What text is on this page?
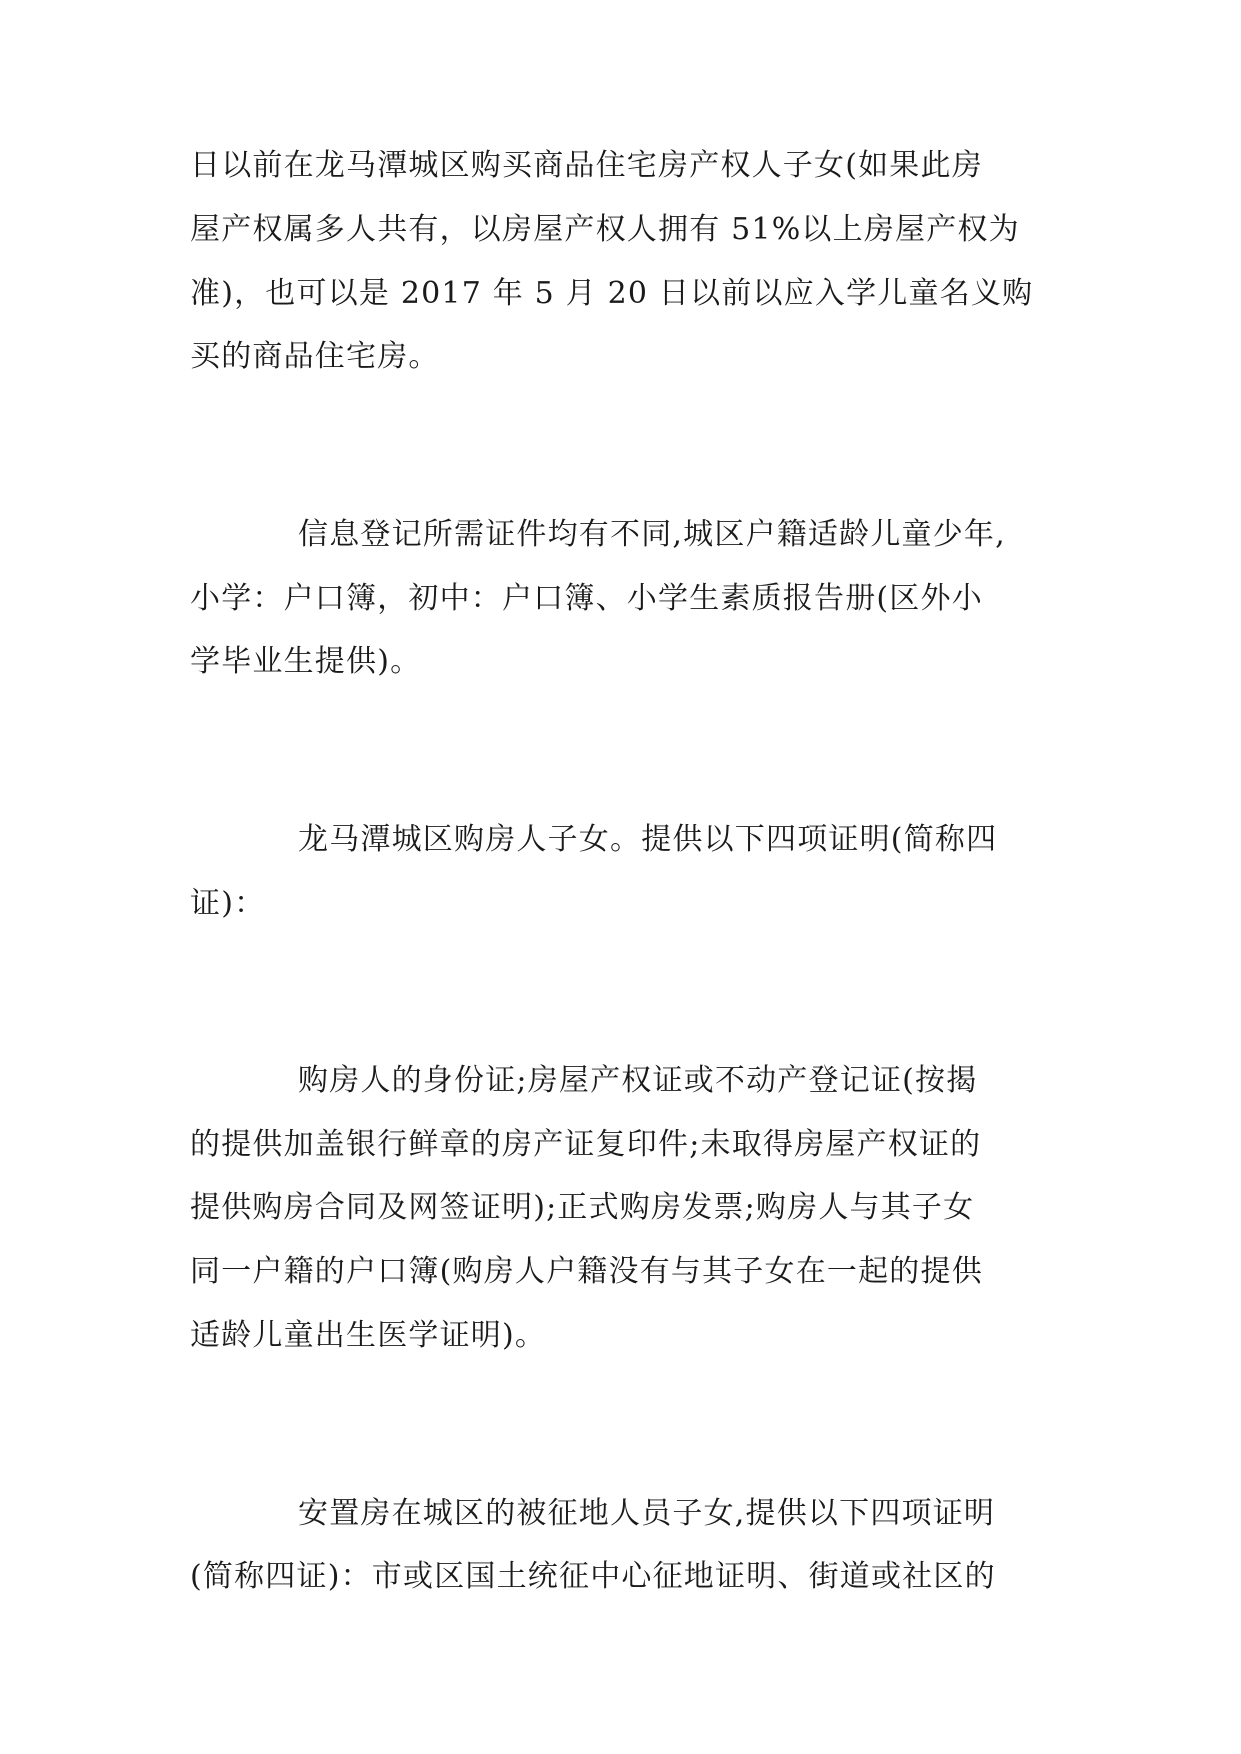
日以前在龙马潭城区购买商品住宅房产权人子女(如果此房
屋产权属多人共有，以房屋产权人拥有 51%以上房屋产权为
准)，也可以是 2017 年 5 月 20 日以前以应入学儿童名义购
买的商品住宅房。
信息登记所需证件均有不同,城区户籍适龄儿童少年,
小学：户口簿，初中：户口簿、小学生素质报告册(区外小
学毕业生提供)。
龙马潭城区购房人子女。提供以下四项证明(简称四
证)：
购房人的身份证;房屋产权证或不动产登记证(按揭
的提供加盖银行鲜章的房产证复印件;未取得房屋产权证的
提供购房合同及网签证明);正式购房发票;购房人与其子女
同一户籍的户口簿(购房人户籍没有与其子女在一起的提供
适龄儿童出生医学证明)。
安置房在城区的被征地人员子女,提供以下四项证明
(简称四证)：市或区国土统征中心征地证明、街道或社区的
